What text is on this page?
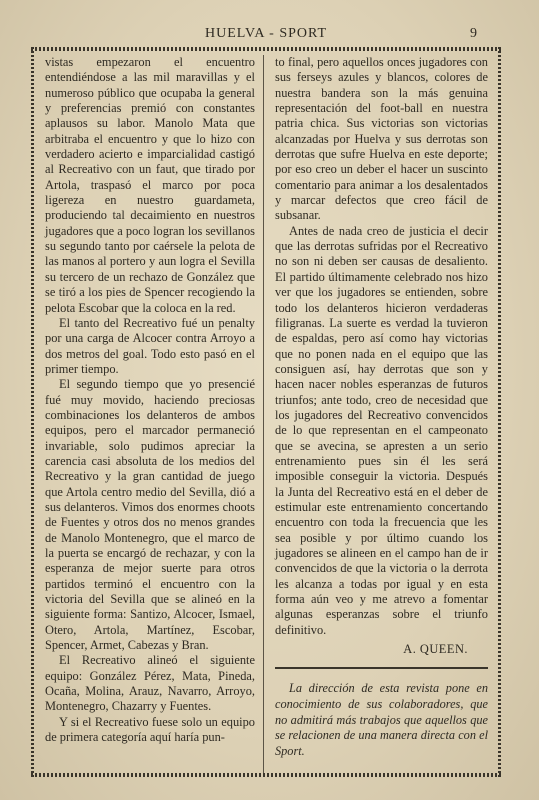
HUELVA - SPORT	9

vistas empezaron el encuentro entendiéndose a las mil maravillas y el numeroso público que ocupaba la general y preferencias premió con constantes aplausos su labor. Manolo Mata que arbitraba el encuentro y que lo hizo con verdadero acierto e imparcialidad castigó al Recreativo con un faut, que tirado por Artola, traspasó el marco por poca ligereza en nuestro guardameta, produciendo tal decaimiento en nuestros jugadores que a poco logran los sevillanos su segundo tanto por caérsele la pelota de las manos al portero y aun logra el Sevilla su tercero de un rechazo de González que se tiró a los pies de Spencer recogiendo la pelota Escobar que la coloca en la red.

El tanto del Recreativo fué un penalty por una carga de Alcocer contra Arroyo a dos metros del goal. Todo esto pasó en el primer tiempo.

El segundo tiempo que yo presencié fué muy movido, haciendo preciosas combinaciones los delanteros de ambos equipos, pero el marcador permaneció invariable, solo pudimos apreciar la carencia casi absoluta de los medios del Recreativo y la gran cantidad de juego que Artola centro medio del Sevilla, dió a sus delanteros. Vimos dos enormes choots de Fuentes y otros dos no menos grandes de Manolo Montenegro, que el marco de la puerta se encargó de rechazar, y con la esperanza de mejor suerte para otros partidos terminó el encuentro con la victoria del Sevilla que se alineó en la siguiente forma: Santizo, Alcocer, Ismael, Otero, Artola, Martínez, Escobar, Spencer, Armet, Cabezas y Bran.

El Recreativo alineó el siguiente equipo: González Pérez, Mata, Pineda, Ocaña, Molina, Arauz, Navarro, Arroyo, Montenegro, Chazarry y Fuentes.

Y si el Recreativo fuese solo un equipo de primera categoría aquí haría pun-

to final, pero aquellos onces jugadores con sus ferseys azules y blancos, colores de nuestra bandera son la más genuina representación del foot-ball en nuestra patria chica. Sus victorias son victorias alcanzadas por Huelva y sus derrotas son derrotas que sufre Huelva en este deporte; por eso creo un deber el hacer un suscinto comentario para animar a los desalentados y marcar defectos que creo fácil de subsanar.

Antes de nada creo de justicia el decir que las derrotas sufridas por el Recreativo no son ni deben ser causas de desaliento. El partido últimamente celebrado nos hizo ver que los jugadores se entienden, sobre todo los delanteros hicieron verdaderas filigranas. La suerte es verdad la tuvieron de espaldas, pero así como hay victorias que no ponen nada en el equipo que las consiguen así, hay derrotas que son y hacen nacer nobles esperanzas de futuros triunfos; ante todo, creo de necesidad que los jugadores del Recreativo convencidos de lo que representan en el campeonato que se avecina, se apresten a un serio entrenamiento pues sin él les será imposible conseguir la victoria. Después la Junta del Recreativo está en el deber de estimular este entrenamiento concertando encuentro con toda la frecuencia que les sea posible y por último cuando los jugadores se alineen en el campo han de ir convencidos de que la victoria o la derrota les alcanza a todas por igual y en esta forma aún veo y me atrevo a fomentar algunas esperanzas sobre el triunfo definitivo.

A. QUEEN.

La dirección de esta revista pone en conocimiento de sus colaboradores, que no admitirá más trabajos que aquellos que se relacionen de una manera directa con el Sport.
